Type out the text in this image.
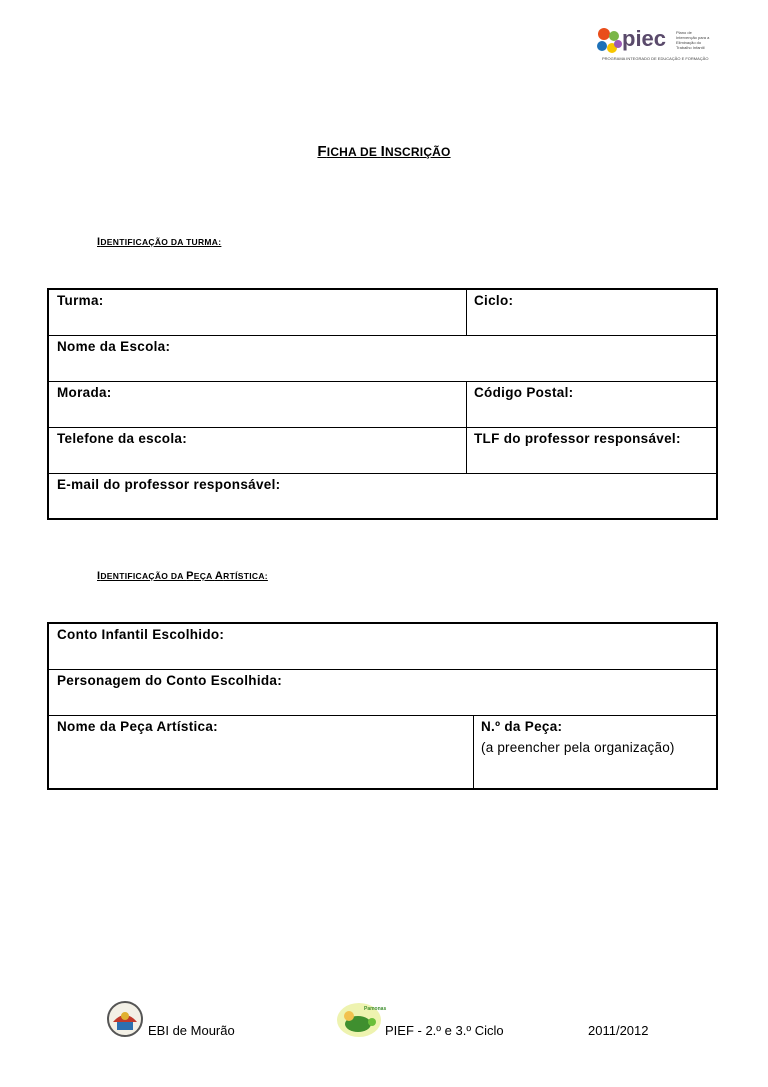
piec Plano de Intervenção para a Eliminação do Trabalho Infantil
PROGRAMA INTEGRADO DE EDUCAÇÃO E FORMAÇÃO
FICHA DE INSCRIÇÃO
IDENTIFICAÇÃO DA TURMA:
Turma:	Ciclo:
Nome da Escola:
Morada:	Código Postal:
Telefone da escola:	TLF do professor responsável:
E-mail do professor responsável:
IDENTIFICAÇÃO DA PEÇA ARTÍSTICA:
Conto Infantil Escolhido:
Personagem do Conto Escolhida:
Nome da Peça Artística:	N.º da Peça:
(a preencher pela organização)
EBI de Mourão
Pamonas
PIEF - 2.º e 3.º Ciclo	2011/2012
